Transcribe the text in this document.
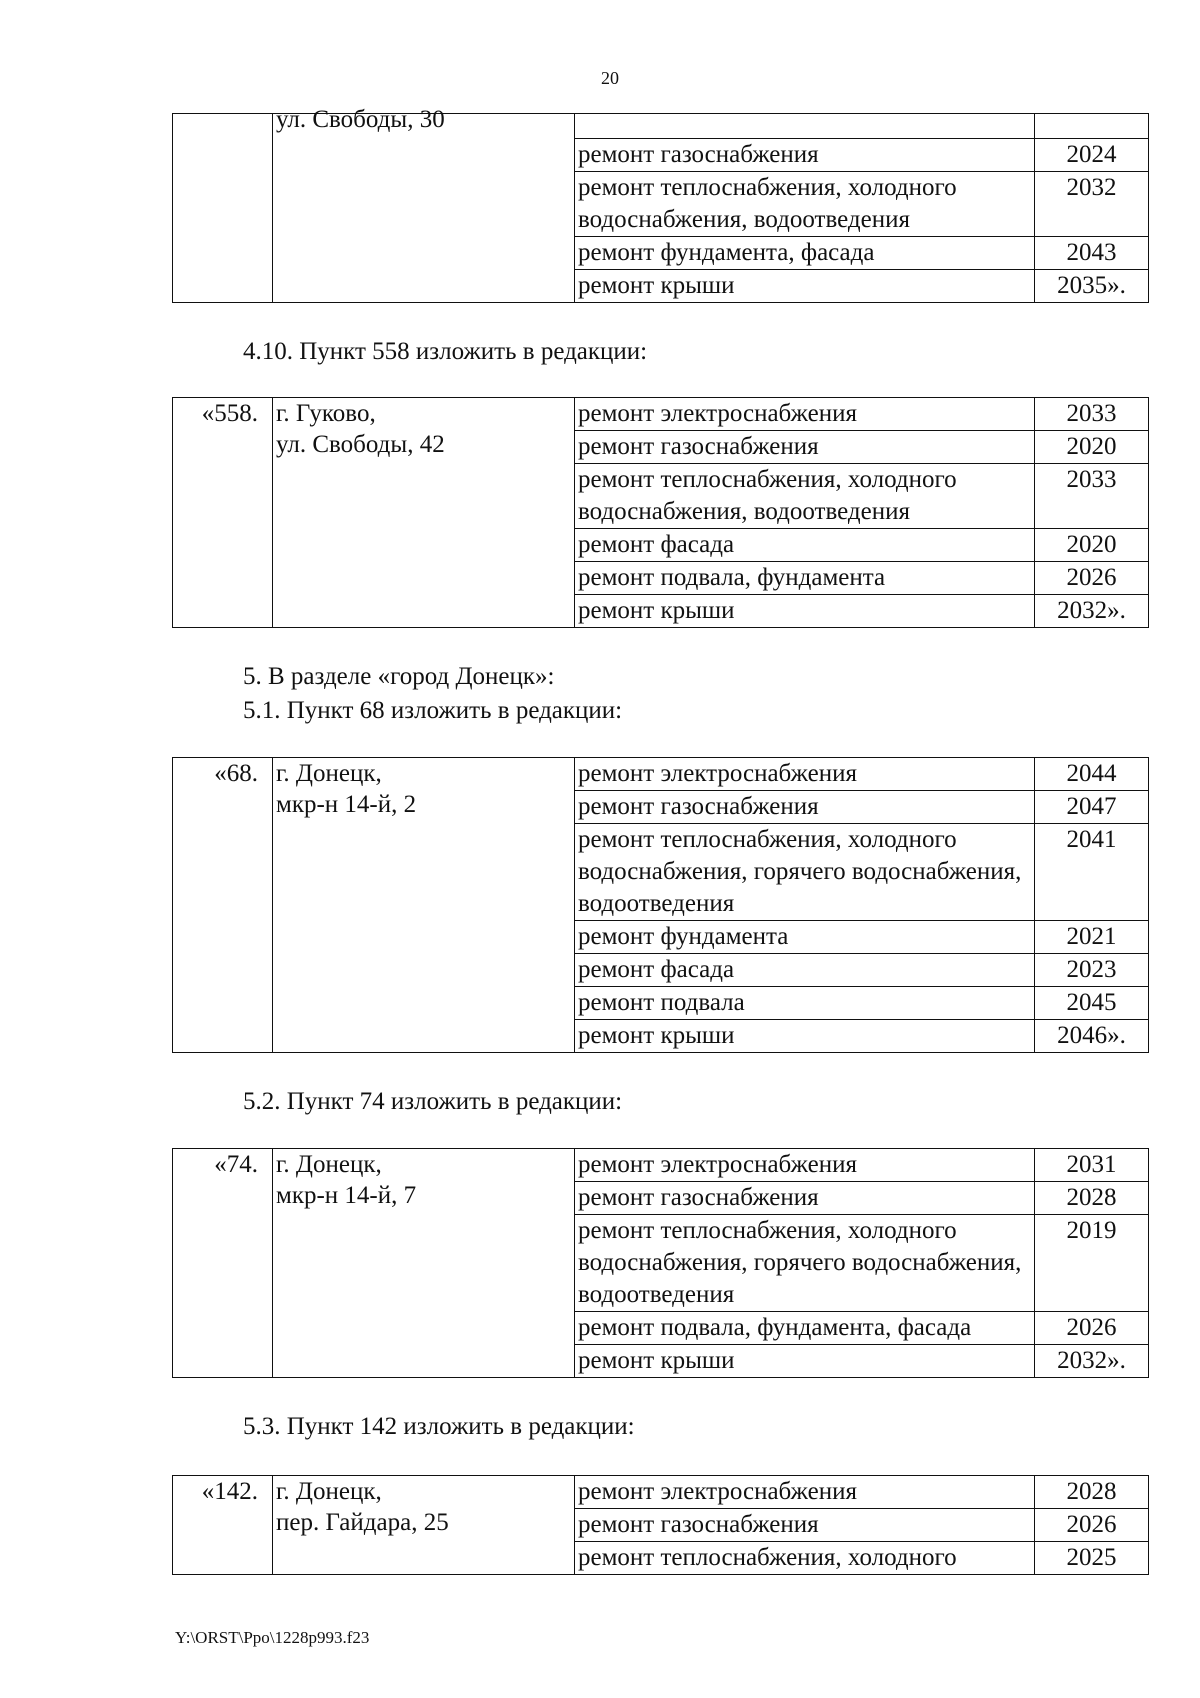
20
	ул. Свободы, 30		
		ремонт газоснабжения	2024
		ремонт теплоснабжения, холодного водоснабжения, водоотведения	2032
		ремонт фундамента, фасада	2043
		ремонт крыши	2035».
4.10. Пункт 558 изложить в редакции:
«558.	г. Гуково,
ул. Свободы, 42	ремонт электроснабжения	2033
		ремонт газоснабжения	2020
		ремонт теплоснабжения, холодного водоснабжения, водоотведения	2033
		ремонт фасада	2020
		ремонт подвала, фундамента	2026
		ремонт крыши	2032».
5. В разделе «город Донецк»:
5.1. Пункт 68 изложить в редакции:
«68.	г. Донецк,
мкр-н 14-й, 2	ремонт электроснабжения	2044
		ремонт газоснабжения	2047
		ремонт теплоснабжения, холодного водоснабжения, горячего водоснабжения, водоотведения	2041
		ремонт фундамента	2021
		ремонт фасада	2023
		ремонт подвала	2045
		ремонт крыши	2046».
5.2. Пункт 74 изложить в редакции:
«74.	г. Донецк,
мкр-н 14-й, 7	ремонт электроснабжения	2031
		ремонт газоснабжения	2028
		ремонт теплоснабжения, холодного водоснабжения, горячего водоснабжения, водоотведения	2019
		ремонт подвала, фундамента, фасада	2026
		ремонт крыши	2032».
5.3. Пункт 142 изложить в редакции:
«142.	г. Донецк,
пер. Гайдара, 25	ремонт электроснабжения	2028
		ремонт газоснабжения	2026
		ремонт теплоснабжения, холодного	2025
Y:\ORST\Ppo\1228p993.f23
